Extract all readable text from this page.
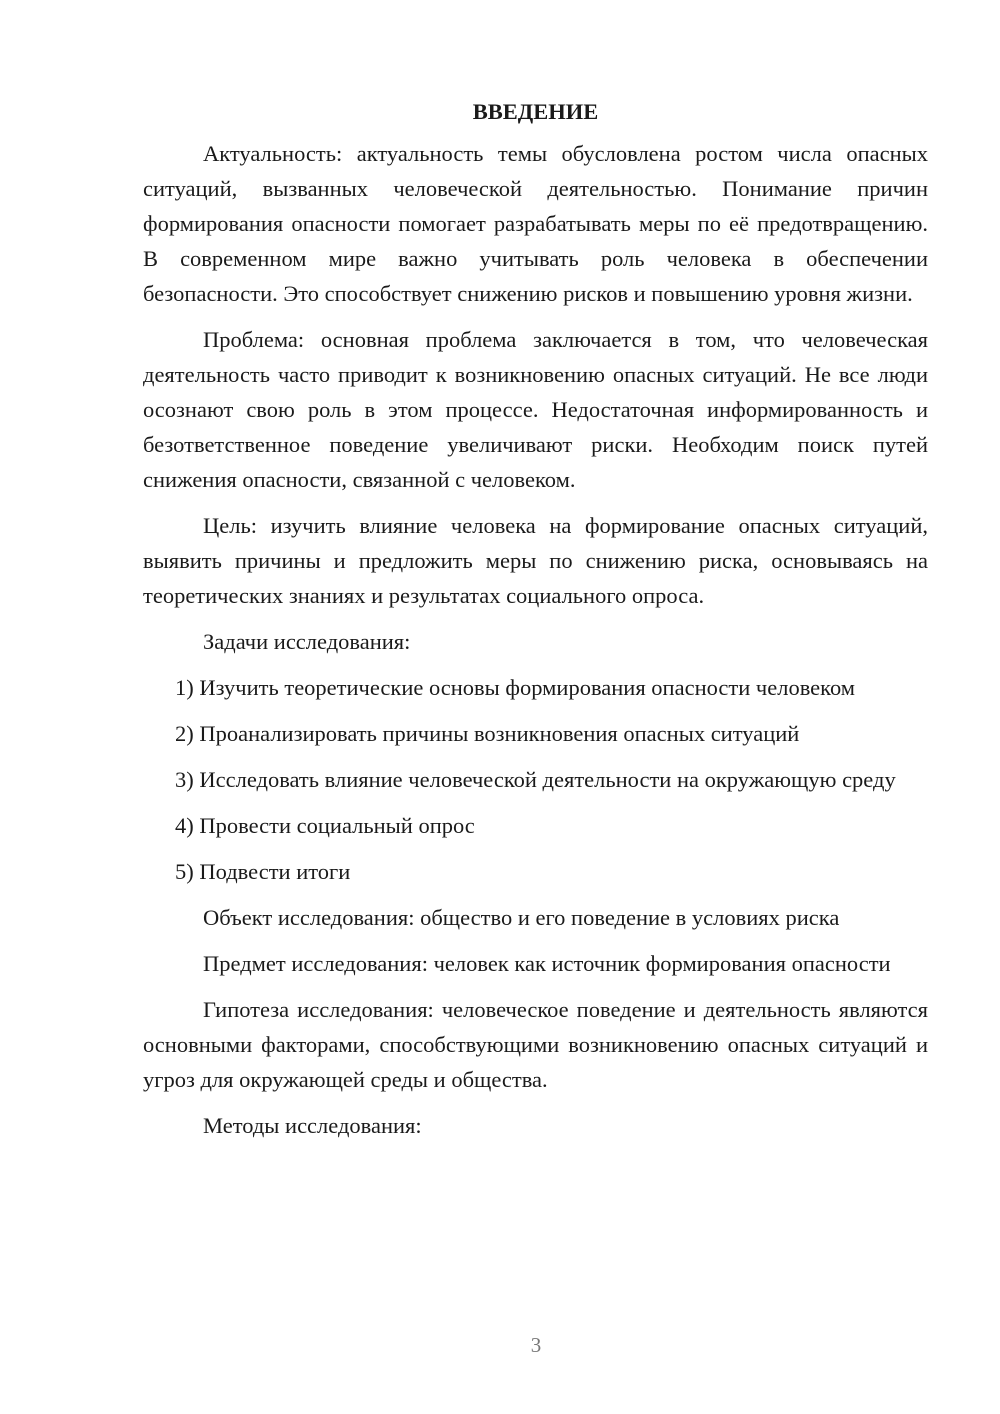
ВВЕДЕНИЕ

Актуальность: актуальность темы обусловлена ростом числа опасных ситуаций, вызванных человеческой деятельностью. Понимание причин формирования опасности помогает разрабатывать меры по её предотвращению. В современном мире важно учитывать роль человека в обеспечении безопасности. Это способствует снижению рисков и повышению уровня жизни.

Проблема: основная проблема заключается в том, что человеческая деятельность часто приводит к возникновению опасных ситуаций. Не все люди осознают свою роль в этом процессе. Недостаточная информированность и безответственное поведение увеличивают риски. Необходим поиск путей снижения опасности, связанной с человеком.

Цель: изучить влияние человека на формирование опасных ситуаций, выявить причины и предложить меры по снижению риска, основываясь на теоретических знаниях и результатах социального опроса.

Задачи исследования:

1) Изучить теоретические основы формирования опасности человеком

2) Проанализировать причины возникновения опасных ситуаций

3) Исследовать влияние человеческой деятельности на окружающую среду

4) Провести социальный опрос

5) Подвести итоги

Объект исследования: общество и его поведение в условиях риска

Предмет исследования: человек как источник формирования опасности

Гипотеза исследования: человеческое поведение и деятельность являются основными факторами, способствующими возникновению опасных ситуаций и угроз для окружающей среды и общества.

Методы исследования:

3
